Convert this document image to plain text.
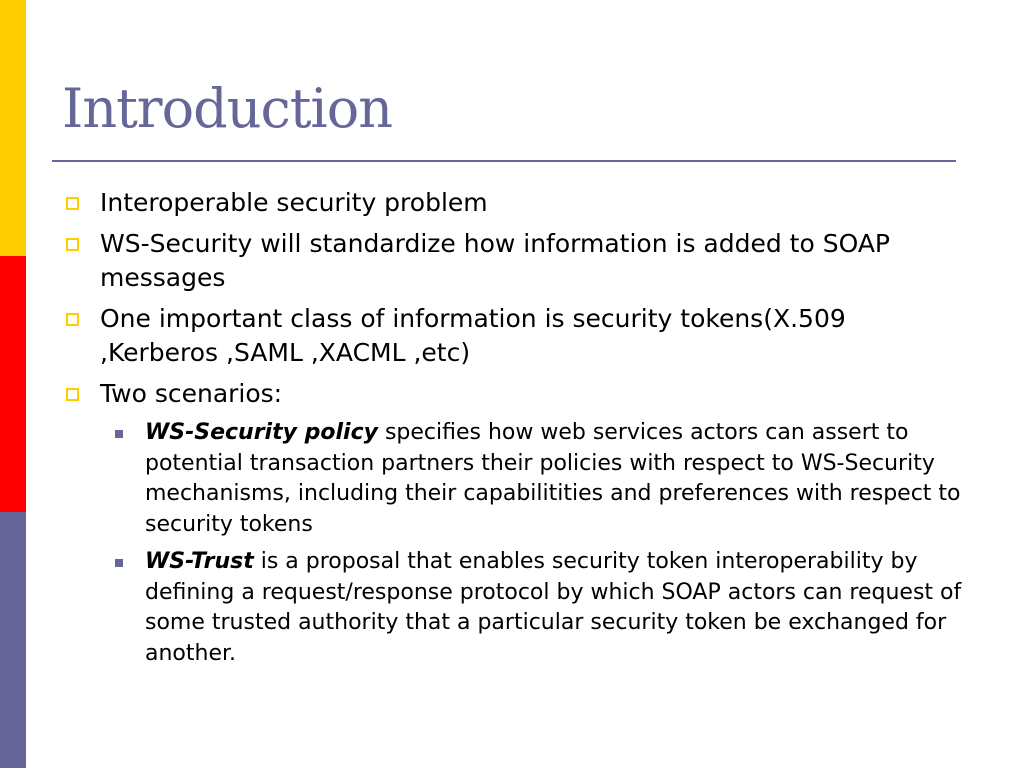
Introduction
Interoperable security problem
WS-Security will standardize how information is added to SOAP messages
One important class of information is security tokens(X.509 ,Kerberos ,SAML ,XACML ,etc)
Two scenarios:
WS-Security policy specifies how web services actors can assert to potential transaction partners their policies with respect to WS-Security mechanisms, including their capabilitities and preferences with respect to security tokens
WS-Trust is a proposal that enables security token interoperability by defining a request/response protocol by which SOAP actors can request of some trusted authority that a particular security token be exchanged for another.
